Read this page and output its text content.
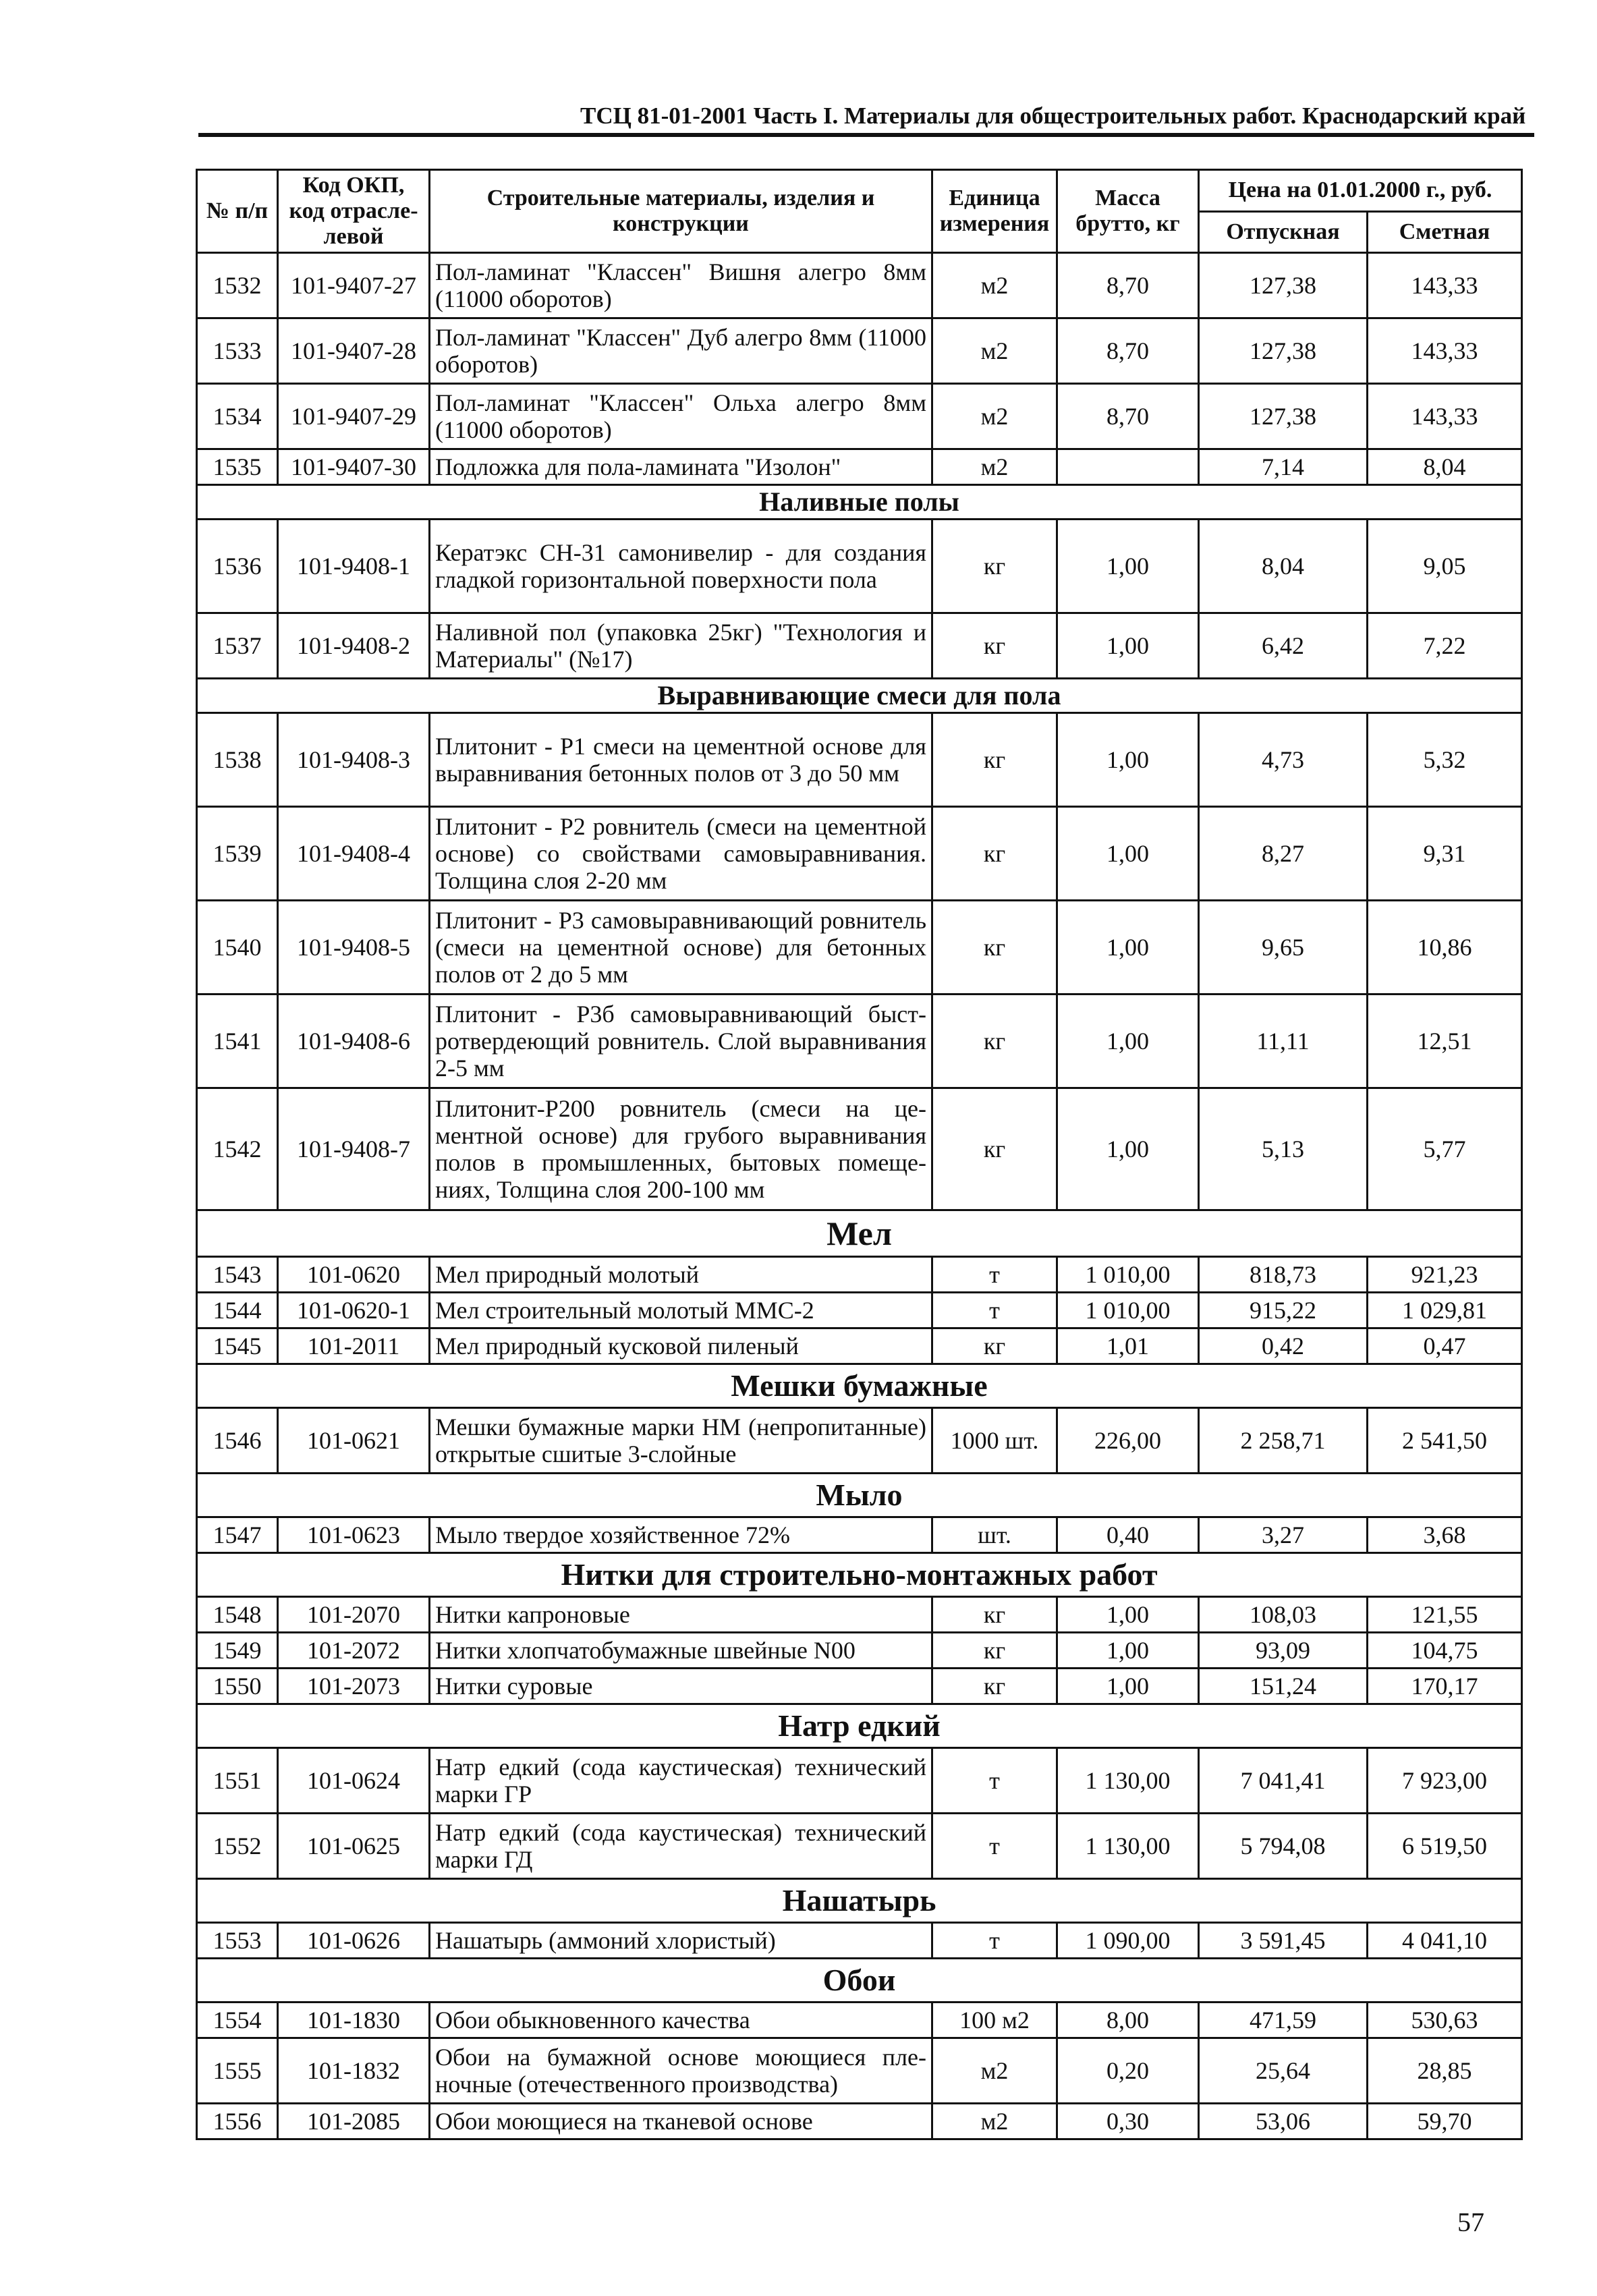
ТСЦ 81-01-2001 Часть I. Материалы для общестроительных работ. Краснодарский край
№ п/п	Код ОКП, код отраслелевой	Строительные материалы, изделия и конструкции	Единица измерения	Масса брутто, кг	Цена на 01.01.2000 г., руб.	
					Отпускная	Сметная
1532	101-9407-27	Пол-ламинат "Классен" Вишня алегро 8мм (11000 оборотов)	м2	8,70	127,38	143,33
1533	101-9407-28	Пол-ламинат "Классен" Дуб алегро 8мм (11000 оборотов)	м2	8,70	127,38	143,33
1534	101-9407-29	Пол-ламинат "Классен" Ольха алегро 8мм (11000 оборотов)	м2	8,70	127,38	143,33
1535	101-9407-30	Подложка для пола-ламината "Изолон"	м2		7,14	8,04
Наливные полы						
1536	101-9408-1	Кератэкс СН-31 самонивелир - для создания гладкой горизонтальной поверхности пола	кг	1,00	8,04	9,05
1537	101-9408-2	Наливной пол (упаковка 25кг) "Технология и Материалы" (№17)	кг	1,00	6,42	7,22
Выравнивающие смеси для пола						
1538	101-9408-3	Плитонит - Р1 смеси на цементной основе для выравнивания бетонных полов от 3 до 50 мм	кг	1,00	4,73	5,32
1539	101-9408-4	Плитонит - Р2 ровнитель (смеси на цементной основе) со свойствами самовыравнивания. Толщина слоя 2-20 мм	кг	1,00	8,27	9,31
1540	101-9408-5	Плитонит - Р3 самовыравнивающий ровнитель (смеси на цементной основе) для бетонных полов от 2 до 5 мм	кг	1,00	9,65	10,86
1541	101-9408-6	Плитонит - Р3б самовыравнивающий быстротвердеющий ровнитель. Слой выравнивания 2-5 мм	кг	1,00	11,11	12,51
1542	101-9408-7	Плитонит-Р200 ровнитель (смеси на цементной основе) для грубого выравнивания полов в промышленных, бытовых помещениях, Толщина слоя 200-100 мм	кг	1,00	5,13	5,77
Мел						
1543	101-0620	Мел природный молотый	т	1 010,00	818,73	921,23
1544	101-0620-1	Мел строительный молотый ММС-2	т	1 010,00	915,22	1 029,81
1545	101-2011	Мел природный кусковой пиленый	кг	1,01	0,42	0,47
Мешки бумажные						
1546	101-0621	Мешки бумажные марки НМ (непропитанные) открытые сшитые 3-слойные	1000 шт.	226,00	2 258,71	2 541,50
Мыло						
1547	101-0623	Мыло твердое хозяйственное 72%	шт.	0,40	3,27	3,68
Нитки для строительно-монтажных работ						
1548	101-2070	Нитки капроновые	кг	1,00	108,03	121,55
1549	101-2072	Нитки хлопчатобумажные швейные N00	кг	1,00	93,09	104,75
1550	101-2073	Нитки суровые	кг	1,00	151,24	170,17
Натр едкий						
1551	101-0624	Натр едкий (сода каустическая) технический марки ГР	т	1 130,00	7 041,41	7 923,00
1552	101-0625	Натр едкий (сода каустическая) технический марки ГД	т	1 130,00	5 794,08	6 519,50
Нашатырь						
1553	101-0626	Нашатырь (аммоний хлористый)	т	1 090,00	3 591,45	4 041,10
Обои						
1554	101-1830	Обои обыкновенного качества	100 м2	8,00	471,59	530,63
1555	101-1832	Обои на бумажной основе моющиеся пленочные (отечественного производства)	м2	0,20	25,64	28,85
1556	101-2085	Обои моющиеся на тканевой основе	м2	0,30	53,06	59,70
57
